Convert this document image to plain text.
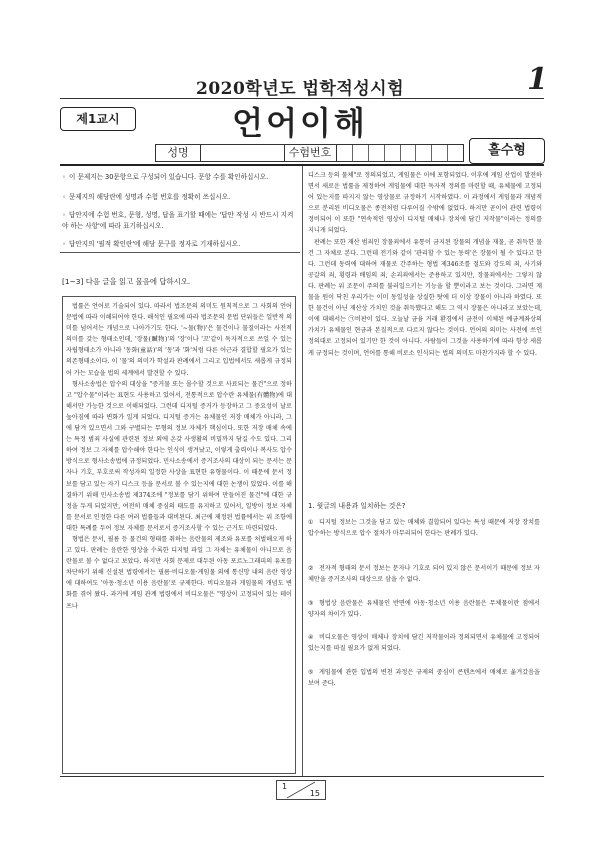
2020학년도 법학적성시험	1
제1교시	언어이해
성명	수험번호	홀수형
◦ 이 문제지는 30문항으로 구성되어 있습니다. 문항 수를 확인하십시오.
◦ 문제지의 해당란에 성명과 수험 번호를 정확히 쓰십시오.
◦ 답안지에 수험 번호, 문형, 성명, 답을 표기할 때에는 '답안 작성 시 반드시 지켜야 하는 사항'에 따라 표기하십시오.
◦ 답안지의 '필적 확인란'에 해당 문구를 정자로 기재하십시오.
[1~3] 다음 글을 읽고 물음에 답하시오.

법률은 언어로 기술되어 있다. 따라서 법조문의 의미도 원칙적으로 그 사회의 언어 문법에 따라 이해되어야 한다. 해석인 필요에 따라 법조문의 문법 단위들은 일반적 의미를 넘어서는 개념으로 나아가기도 한다. '~물(物)'은 물건이나 물질이라는 사전적 의미를 갖는 형태소인데, '장물(贓物)'의 '장'이나 '꼬'같이 독자적으로 쓰일 수 있는 자립형태소가 아니라 '동화(童話)'의 '동'과 '화'처럼 다른 어근과 결합할 필요가 있는 의존형태소이다. 이 '물'의 의미가 학설과 판례에서 그리고 입법에서도 새롭게 규정되어 가는 모습을 법의 세계에서 발견할 수 있다.

형사소송법은 압수의 대상을 "증거물 또는 몰수할 것으로 사료되는 물건"으로 정하고 "압수물"이라는 표현도 사용하고 있어서, 전통적으로 압수란 유체물(有體物)에 대해서만 가능한 것으로 이해되었다. 그런데 디지털 증거가 등장하고 그 중요성이 날로 높아짐에 따라 변화가 일게 되었다. 디지털 증거는 유체물인 저장 매체가 아니라, 그에 담겨 있으면서 그와 구별되는 무형의 정보 자체가 핵심이다. 또한 저장 매체 속에는 특정 범죄 사실에 관련된 정보 외에 온갖 사생활의 비밀까지 담길 수도 있다. 그리하여 정보 그 자체를 압수해야 한다는 인식이 생겨났고, 이렇게 출력이나 복사도 압수 방식으로 형사소송법에 규정되었다. 민사소송에서 증거조사의 대상이 되는 문서는 문자나 기호, 부호로써 작성자의 일정한 사상을 표현한 유형물이다. 이 때문에 문서 정보를 담고 있는 자기 디스크 등을 문서로 볼 수 있는지에 대한 논쟁이 있었다. 이를 해결하기 위해 민사소송법 제374조에 "정보를 담기 위하여 만들어진 물건"에 대한 규정을 두게 되었지만, 여전히 매체 중심의 태도를 유지하고 있어서, 일방이 정보 자체를 문서로 인정한 다른 여러 법률들과 대비된다. 최근에 제정된 법률에서는 위 조항에 대한 특례를 두어 정보 자체를 문서로서 증거조사할 수 있는 근거도 마련되었다.

형법은 문서, 필름 등 물건의 형태를 취하는 음란물의 제조와 유포를 처벌해오게 하고 있다. 판례는 음란한 영상을 수록한 디지털 파일 그 자체는 유체물이 아니므로 음란물로 볼 수 없다고 보았다. 하지만 사회 문제로 대두된 아동 포르노그래피의 유포를 차단하기 위해 신설된 법령에서는 필름·비디오물·게임물 외에 통신망 내의 음란 영상에 대하여도 '아동·청소년 이용 음란물'로 규제한다. 비디오물과 게임물의 개념도 변화를 겪어 왔다. 과거에 게임 관계 법령에서 비디오물은 "영상이 고정되어 있는 테이프나

디스크 등의 물체"로 정의되었고, 게임물은 이에 포함되었다. 이후에 게임 산업이 발전하면서 새로운 법률을 제정하여 게임물에 대한 독자적 정의를 마련할 때, 유체물에 고정되어 있는지를 따지지 않는 영상물로 규정하기 시작하였다. 이 과정에서 게임물과 개념적으로 분리된 비디오물은 종전처럼 다루어질 수밖에 없었다. 하지만 곧이어 관련 법령이 정비되어 이 또한 "연속적인 영상이 디지털 매체나 장치에 담긴 저작물"이라는 정의를 지니게 되었다.

판례는 또한 재산 범죄인 장물죄에서 유통이 금지된 장물의 개념을 재물, 곧 취득한 물건 그 자체로 본다. 그런데 전기와 같이 '관리할 수 있는 동력'은 장물이 될 수 있다고 한다. 그런데 동력에 대하여 재물로 간주하는 형법 제346조를 절도와 강도의 죄, 사기와 공갈의 죄, 횡령과 배임의 죄, 손괴죄에서는 준용하고 있지만, 장물죄에서는 그렇지 않다. 판례는 위 조문이 주의를 불러일으키는 기능을 할 뿐이라고 보는 것이다. 그러면 재물을 원이 닥친 우리가는 이미 동일성을 상실한 탓에 더 이상 장물이 아니라 하였다. 또한 물건이 아닌 재산상 가치인 것을 취득했다고 해도 그 역시 장물은 아니라고 보았는데, 이에 대해서는 ㉠비판이 있다. 오늘날 금융 거래 환경에서 금전이 이체된 예금계좌상의 가치가 유체물인 현금과 본질적으로 다르지 않다는 것이다. 언어의 의미는 사전에 쓰인 정의대로 고정되어 있기만 한 것이 아니다. 사람들이 그것을 사용하기에 따라 항상 새롭게 규정되는 것이며, 언어를 통해 비로소 인식되는 법의 의미도 마찬가지라 할 수 있다.

1. 윗글의 내용과 일치하는 것은?
① 디지털 정보는 그것을 담고 있는 매체와 결합되어 있다는 특성 때문에 저장 장치를 압수하는 방식으로 압수 절차가 마무리되어 한다는 판례가 있다.
② 전자적 형태의 문서 정보는 문자나 기호로 되어 있지 않은 문서이기 때문에 정보 자체만을 증거조사의 대상으로 삼을 수 없다.
③ 형법상 음란물은 유체물인 반면에 아동·청소년 이용 음란물은 무체물이란 점에서 양자의 차이가 있다.
④ 비디오물은 영상이 매체나 장치에 담긴 저작물이라 정의되면서 유체물에 고정되어 있는지를 따질 필요가 없게 되었다.
⑤ 게임물에 관한 입법의 변천 과정은 규제의 중심이 콘텐츠에서 매체로 옮겨갔음을 보여 준다.
1
15
